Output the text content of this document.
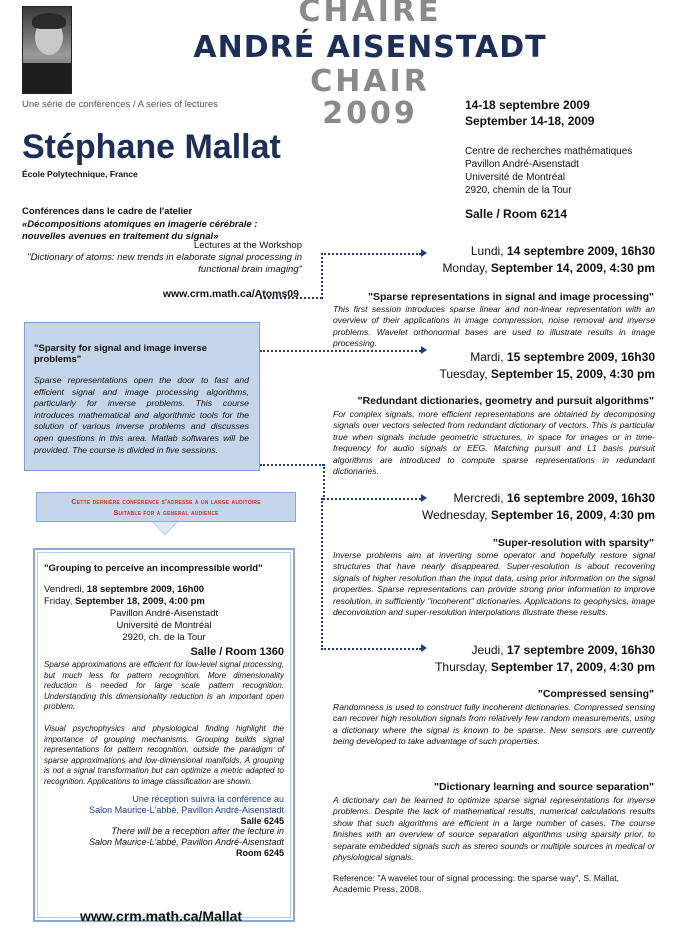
CHAIRE
ANDRÉ AISENSTADT
CHAIR
2009
Une série de conférences / A series of lectures	14-18 septembre 2009
September 14-18, 2009
Stéphane Mallat
École Polytechnique, France
Centre de recherches mathématiques
Pavillon André-Aisenstadt
Université de Montréal
2920, chemin de la Tour
Salle / Room 6214
Conférences dans le cadre de l'atelier
«Décompositions atomiques en imagerie cérébrale : nouvelles avenues en traitement du signal»
Lectures at the Workshop
"Dictionary of atoms: new trends in elaborate signal processing in functional brain imaging"
www.crm.math.ca/Atoms09
"Sparsity for signal and image inverse problems"
Sparse representations open the door to fast and efficient signal and image processing algorithms, particularly for inverse problems. This course introduces mathematical and algorithmic tools for the solution of various inverse problems and discusses open questions in this area. Matlab softwares will be provided. The course is divided in five sessions.
Cette dernière conférence s'adresse à un large auditoire
Suitable for a general audience
"Grouping to perceive an incompressible world"
Vendredi, 18 septembre 2009, 16h00
Friday, September 18, 2009, 4:00 pm
Pavillon André-Aisenstadt
Université de Montréal
2920, ch. de la Tour
Salle / Room 1360
Sparse approximations are efficient for low-level signal processing, but much less for pattern recognition. More dimensionality reduction is needed for large scale pattern recognition. Understanding this dimensionality reduction is an important open problem.
Visual psychophysics and physiological finding highlight the importance of grouping mechanisms. Grouping builds signal representations for pattern recognition, outside the paradigm of sparse approximations and low-dimensional manifolds. A grouping is not a signal transformation but can optimize a metric adapted to recognition. Applications to image classification are shown.
Une réception suivra la conférence au
Salon Maurice-L'abbé, Pavillon André-Aisenstadt
Salle 6245
There will be a reception after the lecture in
Salon Maurice-L'abbé, Pavillon André-Aisenstadt
Room 6245
www.crm.math.ca/Mallat
Lundi, 14 septembre 2009, 16h30
Monday, September 14, 2009, 4:30 pm
"Sparse representations in signal and image processing"
This first session introduces sparse linear and non-linear representation with an overview of their applications in image compression, noise removal and inverse problems. Wavelet orthonormal bases are used to illustrate results in image processing.
Mardi, 15 septembre 2009, 16h30
Tuesday, September 15, 2009, 4:30 pm
"Redundant dictionaries, geometry and pursuit algorithms"
For complex signals, more efficient representations are obtained by decomposing signals over vectors selected from redundant dictionary of vectors. This is particular true when signals include geometric structures, in space for images or in time-frequency for audio signals or EEG. Matching pursuit and L1 basis pursuit algorithms are introduced to compute sparse representations in redundant dictionaries.
Mercredi, 16 septembre 2009, 16h30
Wednesday, September 16, 2009, 4:30 pm
"Super-resolution with sparsity"
Inverse problems aim at inverting some operator and hopefully restore signal structures that have nearly disappeared. Super-resolution is about recovering signals of higher resolution than the input data, using prior information on the signal properties. Sparse representations can provide strong prior information to improve resolution, in sufficiently "incoherent" dictionaries. Applications to geophysics, image deconvolution and super-resolution interpolations illustrate these results.
Jeudi, 17 septembre 2009, 16h30
Thursday, September 17, 2009, 4:30 pm
"Compressed sensing"
Randomness is used to construct fully incoherent dictionaries. Compressed sensing can recover high resolution signals from relatively few random measurements, using a dictionary where the signal is known to be sparse. New sensors are currently being developed to take advantage of such properties.
"Dictionary learning and source separation"
A dictionary can be learned to optimize sparse signal representations for inverse problems. Despite the lack of mathematical results, numerical calculations results show that such algorithms are efficient in a large number of cases. The course finishes with an overview of source separation algorithms using sparsity prior, to separate embedded signals such as stereo sounds or multiple sources in medical or physiological signals.
Reference: "A wavelet tour of signal processing: the sparse way", S. Mallat, Academic Press, 2008.
